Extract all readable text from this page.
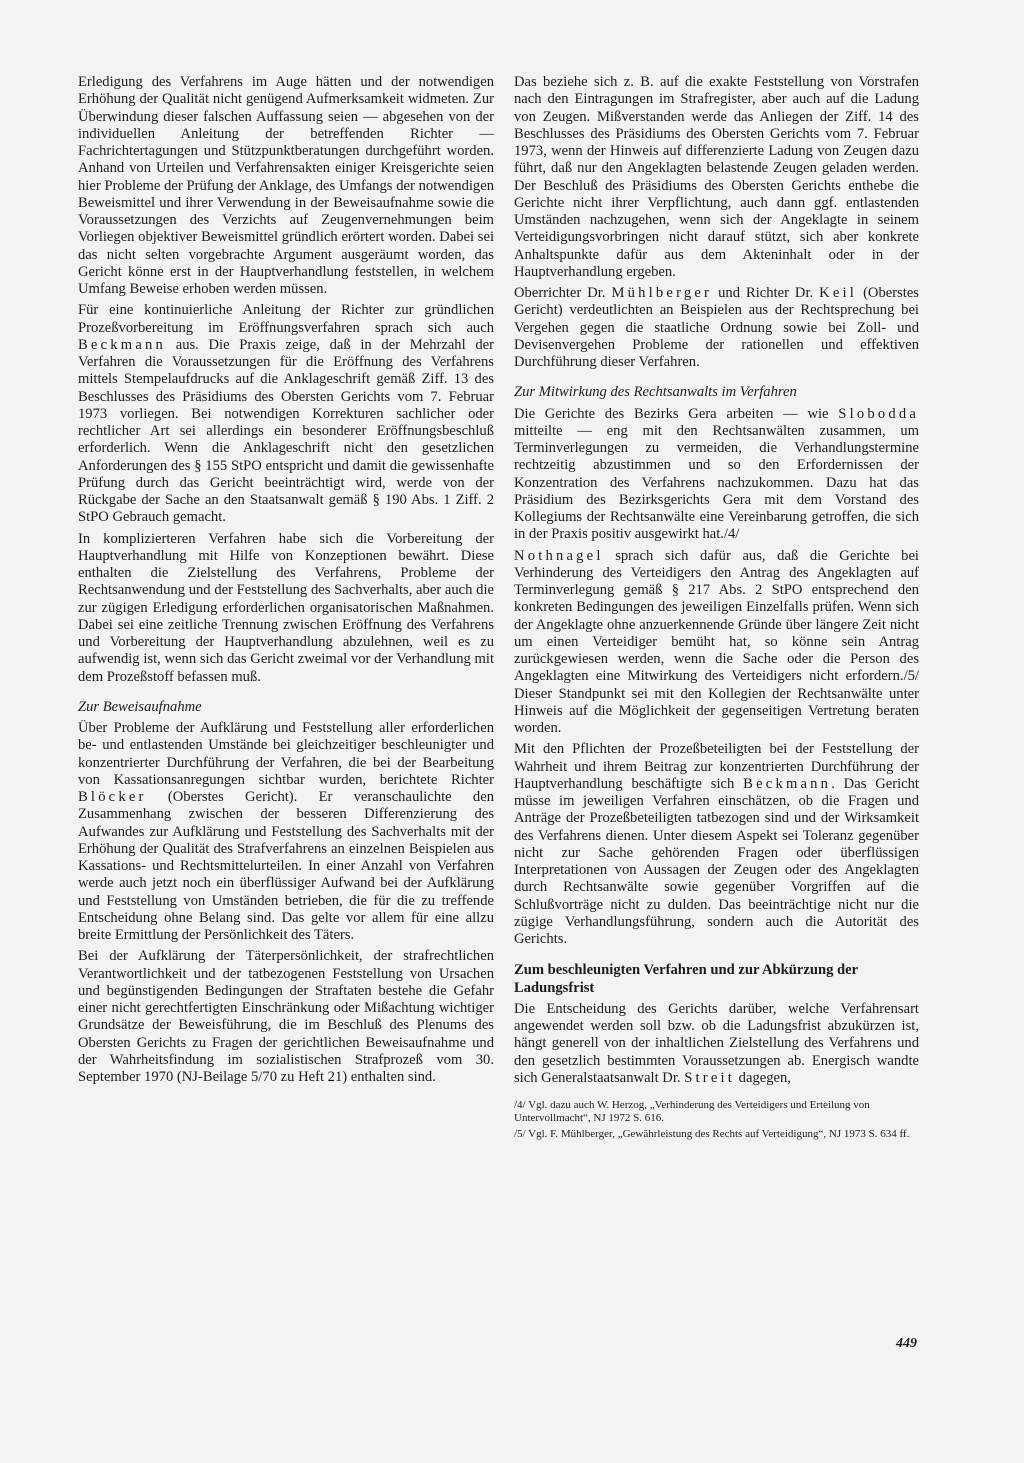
Erledigung des Verfahrens im Auge hätten und der notwendigen Erhöhung der Qualität nicht genügend Aufmerksamkeit widmeten. Zur Überwindung dieser falschen Auffassung seien — abgesehen von der individuellen Anleitung der betreffenden Richter — Fachrichtertagungen und Stützpunktberatungen durchgeführt worden. Anhand von Urteilen und Verfahrensakten einiger Kreisgerichte seien hier Probleme der Prüfung der Anklage, des Umfangs der notwendigen Beweismittel und ihrer Verwendung in der Beweisaufnahme sowie die Voraussetzungen des Verzichts auf Zeugenvernehmungen beim Vorliegen objektiver Beweismittel gründlich erörtert worden. Dabei sei das nicht selten vorgebrachte Argument ausgeräumt worden, das Gericht könne erst in der Hauptverhandlung feststellen, in welchem Umfang Beweise erhoben werden müssen.

Für eine kontinuierliche Anleitung der Richter zur gründlichen Prozeßvorbereitung im Eröffnungsverfahren sprach sich auch Beckmann aus. Die Praxis zeige, daß in der Mehrzahl der Verfahren die Voraussetzungen für die Eröffnung des Verfahrens mittels Stempelaufdrucks auf die Anklageschrift gemäß Ziff. 13 des Beschlusses des Präsidiums des Obersten Gerichts vom 7. Februar 1973 vorliegen. Bei notwendigen Korrekturen sachlicher oder rechtlicher Art sei allerdings ein besonderer Eröffnungsbeschluß erforderlich. Wenn die Anklageschrift nicht den gesetzlichen Anforderungen des § 155 StPO entspricht und damit die gewissenhafte Prüfung durch das Gericht beeinträchtigt wird, werde von der Rückgabe der Sache an den Staatsanwalt gemäß § 190 Abs. 1 Ziff. 2 StPO Gebrauch gemacht.

In komplizierteren Verfahren habe sich die Vorbereitung der Hauptverhandlung mit Hilfe von Konzeptionen bewährt. Diese enthalten die Zielstellung des Verfahrens, Probleme der Rechtsanwendung und der Feststellung des Sachverhalts, aber auch die zur zügigen Erledigung erforderlichen organisatorischen Maßnahmen. Dabei sei eine zeitliche Trennung zwischen Eröffnung des Verfahrens und Vorbereitung der Hauptverhandlung abzulehnen, weil es zu aufwendig ist, wenn sich das Gericht zweimal vor der Verhandlung mit dem Prozeßstoff befassen muß.

Zur Beweisaufnahme

Über Probleme der Aufklärung und Feststellung aller erforderlichen be- und entlastenden Umstände bei gleichzeitiger beschleunigter und konzentrierter Durchführung der Verfahren, die bei der Bearbeitung von Kassationsanregungen sichtbar wurden, berichtete Richter Blöcker (Oberstes Gericht). Er veranschaulichte den Zusammenhang zwischen der besseren Differenzierung des Aufwandes zur Aufklärung und Feststellung des Sachverhalts mit der Erhöhung der Qualität des Strafverfahrens an einzelnen Beispielen aus Kassations- und Rechtsmittelurteilen. In einer Anzahl von Verfahren werde auch jetzt noch ein überflüssiger Aufwand bei der Aufklärung und Feststellung von Umständen betrieben, die für die zu treffende Entscheidung ohne Belang sind. Das gelte vor allem für eine allzu breite Ermittlung der Persönlichkeit des Täters.

Bei der Aufklärung der Täterpersönlichkeit, der strafrechtlichen Verantwortlichkeit und der tatbezogenen Feststellung von Ursachen und begünstigenden Bedingungen der Straftaten bestehe die Gefahr einer nicht gerechtfertigten Einschränkung oder Mißachtung wichtiger Grundsätze der Beweisführung, die im Beschluß des Plenums des Obersten Gerichts zu Fragen der gerichtlichen Beweisaufnahme und der Wahrheitsfindung im sozialistischen Strafprozeß vom 30. September 1970 (NJ-Beilage 5/70 zu Heft 21) enthalten sind.

Das beziehe sich z. B. auf die exakte Feststellung von Vorstrafen nach den Eintragungen im Strafregister, aber auch auf die Ladung von Zeugen. Mißverstanden werde das Anliegen der Ziff. 14 des Beschlusses des Präsidiums des Obersten Gerichts vom 7. Februar 1973, wenn der Hinweis auf differenzierte Ladung von Zeugen dazu führt, daß nur den Angeklagten belastende Zeugen geladen werden. Der Beschluß des Präsidiums des Obersten Gerichts enthebe die Gerichte nicht ihrer Verpflichtung, auch dann ggf. entlastenden Umständen nachzugehen, wenn sich der Angeklagte in seinem Verteidigungsvorbringen nicht darauf stützt, sich aber konkrete Anhaltspunkte dafür aus dem Akteninhalt oder in der Hauptverhandlung ergeben.

Oberrichter Dr. Mühlberger und Richter Dr. Keil (Oberstes Gericht) verdeutlichten an Beispielen aus der Rechtsprechung bei Vergehen gegen die staatliche Ordnung sowie bei Zoll- und Devisenvergehen Probleme der rationellen und effektiven Durchführung dieser Verfahren.

Zur Mitwirkung des Rechtsanwalts im Verfahren

Die Gerichte des Bezirks Gera arbeiten — wie Slobodda mitteilte — eng mit den Rechtsanwälten zusammen, um Terminverlegungen zu vermeiden, die Verhandlungstermine rechtzeitig abzustimmen und so den Erfordernissen der Konzentration des Verfahrens nachzukommen. Dazu hat das Präsidium des Bezirksgerichts Gera mit dem Vorstand des Kollegiums der Rechtsanwälte eine Vereinbarung getroffen, die sich in der Praxis positiv ausgewirkt hat./4/

Nothnagel sprach sich dafür aus, daß die Gerichte bei Verhinderung des Verteidigers den Antrag des Angeklagten auf Terminverlegung gemäß § 217 Abs. 2 StPO entsprechend den konkreten Bedingungen des jeweiligen Einzelfalls prüfen. Wenn sich der Angeklagte ohne anzuerkennende Gründe über längere Zeit nicht um einen Verteidiger bemüht hat, so könne sein Antrag zurückgewiesen werden, wenn die Sache oder die Person des Angeklagten eine Mitwirkung des Verteidigers nicht erfordern./5/ Dieser Standpunkt sei mit den Kollegien der Rechtsanwälte unter Hinweis auf die Möglichkeit der gegenseitigen Vertretung beraten worden.

Mit den Pflichten der Prozeßbeteiligten bei der Feststellung der Wahrheit und ihrem Beitrag zur konzentrierten Durchführung der Hauptverhandlung beschäftigte sich Beckmann. Das Gericht müsse im jeweiligen Verfahren einschätzen, ob die Fragen und Anträge der Prozeßbeteiligten tatbezogen sind und der Wirksamkeit des Verfahrens dienen. Unter diesem Aspekt sei Toleranz gegenüber nicht zur Sache gehörenden Fragen oder überflüssigen Interpretationen von Aussagen der Zeugen oder des Angeklagten durch Rechtsanwälte sowie gegenüber Vorgriffen auf die Schlußvorträge nicht zu dulden. Das beeinträchtige nicht nur die zügige Verhandlungsführung, sondern auch die Autorität des Gerichts.

Zum beschleunigten Verfahren und zur Abkürzung der Ladungsfrist

Die Entscheidung des Gerichts darüber, welche Verfahrensart angewendet werden soll bzw. ob die Ladungsfrist abzukürzen ist, hängt generell von der inhaltlichen Zielstellung des Verfahrens und den gesetzlich bestimmten Voraussetzungen ab. Energisch wandte sich Generalstaatsanwalt Dr. Streit dagegen,

/4/ Vgl. dazu auch W. Herzog, „Verhinderung des Verteidigers und Erteilung von Untervollmacht“, NJ 1972 S. 616.
/5/ Vgl. F. Mühlberger, „Gewährleistung des Rechts auf Verteidigung“, NJ 1973 S. 634 ff.
449
